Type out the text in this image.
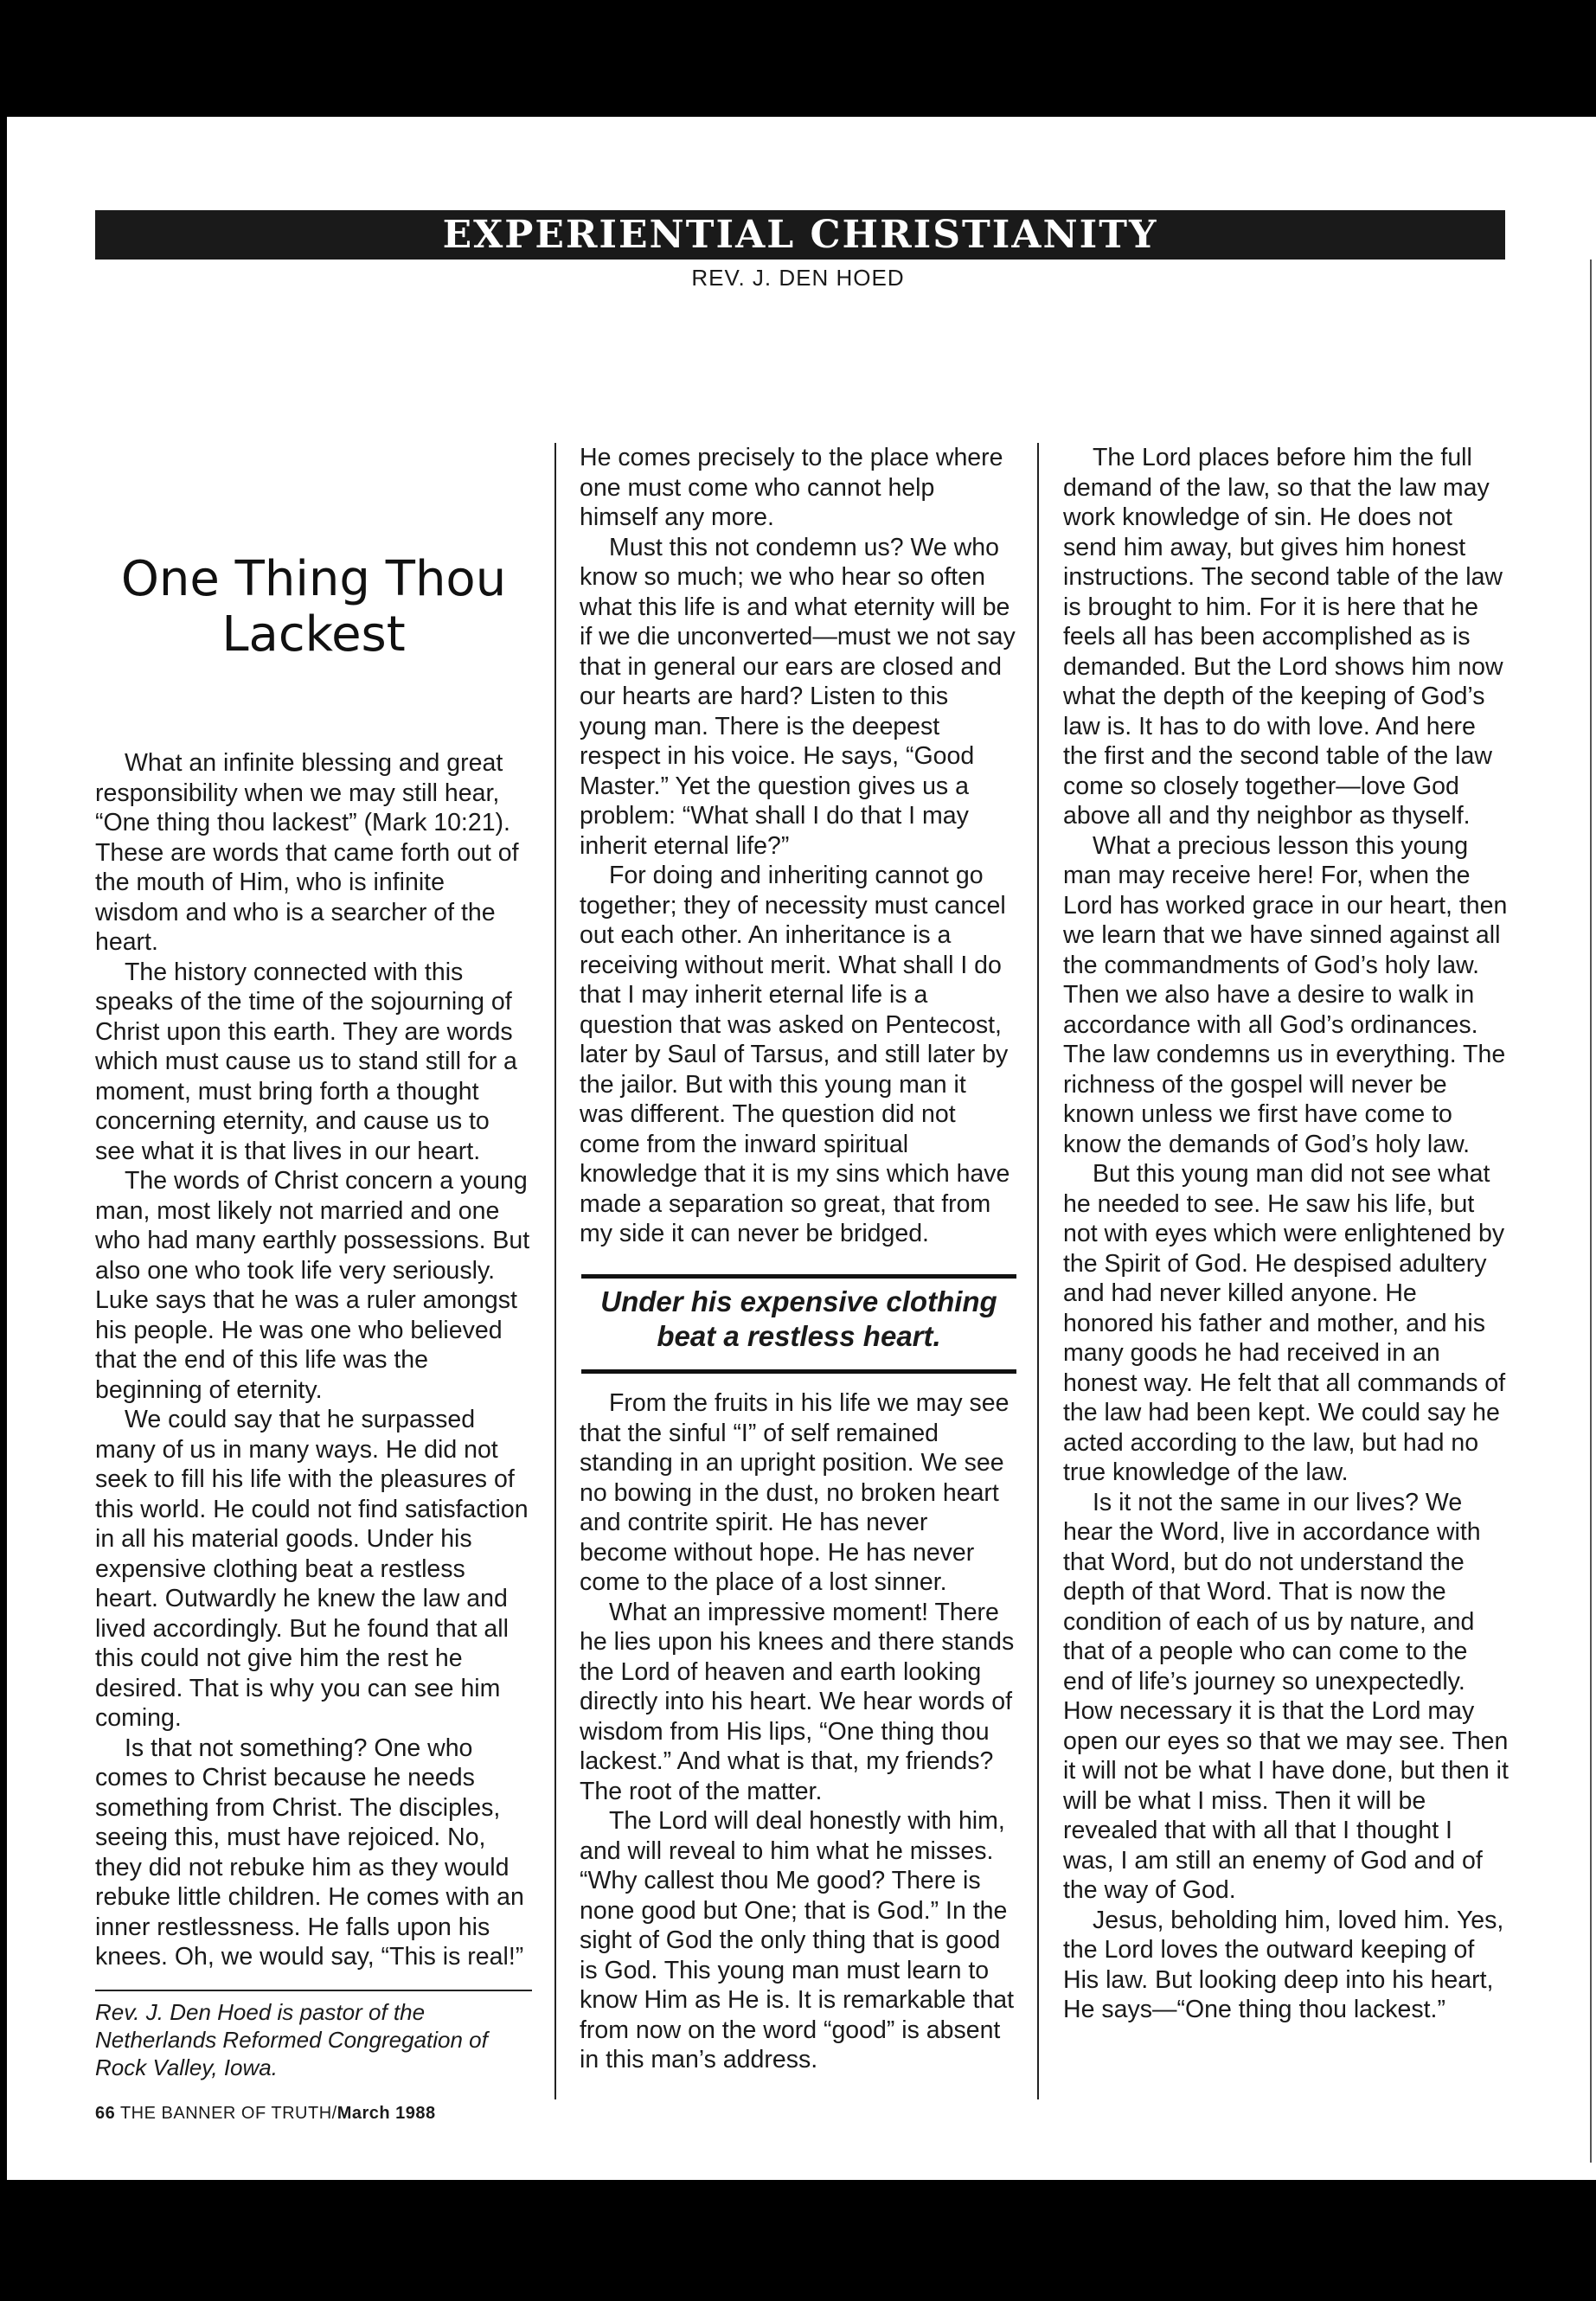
EXPERIENTIAL CHRISTIANITY
REV. J. DEN HOED
One Thing Thou Lackest

What an infinite blessing and great responsibility when we may still hear, “One thing thou lackest” (Mark 10:21). These are words that came forth out of the mouth of Him, who is infinite wisdom and who is a searcher of the heart.

The history connected with this speaks of the time of the sojourning of Christ upon this earth. They are words which must cause us to stand still for a moment, must bring forth a thought concerning eternity, and cause us to see what it is that lives in our heart.

The words of Christ concern a young man, most likely not married and one who had many earthly possessions. But also one who took life very seriously. Luke says that he was a ruler amongst his people. He was one who believed that the end of this life was the beginning of eternity.

We could say that he surpassed many of us in many ways. He did not seek to fill his life with the pleasures of this world. He could not find satisfaction in all his material goods. Under his expensive clothing beat a restless heart. Outwardly he knew the law and lived accordingly. But he found that all this could not give him the rest he desired. That is why you can see him coming.

Is that not something? One who comes to Christ because he needs something from Christ. The disciples, seeing this, must have rejoiced. No, they did not rebuke him as they would rebuke little children. He comes with an inner restlessness. He falls upon his knees. Oh, we would say, “This is real!”

Rev. J. Den Hoed is pastor of the Netherlands Reformed Congregation of Rock Valley, Iowa.

He comes precisely to the place where one must come who cannot help himself any more.

Must this not condemn us? We who know so much; we who hear so often what this life is and what eternity will be if we die unconverted—must we not say that in general our ears are closed and our hearts are hard? Listen to this young man. There is the deepest respect in his voice. He says, “Good Master.” Yet the question gives us a problem: “What shall I do that I may inherit eternal life?”

For doing and inheriting cannot go together; they of necessity must cancel out each other. An inheritance is a receiving without merit. What shall I do that I may inherit eternal life is a question that was asked on Pentecost, later by Saul of Tarsus, and still later by the jailor. But with this young man it was different. The question did not come from the inward spiritual knowledge that it is my sins which have made a separation so great, that from my side it can never be bridged.

Under his expensive clothing beat a restless heart.

From the fruits in his life we may see that the sinful “I” of self remained standing in an upright position. We see no bowing in the dust, no broken heart and contrite spirit. He has never become without hope. He has never come to the place of a lost sinner.

What an impressive moment! There he lies upon his knees and there stands the Lord of heaven and earth looking directly into his heart. We hear words of wisdom from His lips, “One thing thou lackest.” And what is that, my friends? The root of the matter.

The Lord will deal honestly with him, and will reveal to him what he misses. “Why callest thou Me good? There is none good but One; that is God.” In the sight of God the only thing that is good is God. This young man must learn to know Him as He is. It is remarkable that from now on the word “good” is absent in this man’s address.

The Lord places before him the full demand of the law, so that the law may work knowledge of sin. He does not send him away, but gives him honest instructions. The second table of the law is brought to him. For it is here that he feels all has been accomplished as is demanded. But the Lord shows him now what the depth of the keeping of God’s law is. It has to do with love. And here the first and the second table of the law come so closely together—love God above all and thy neighbor as thyself.

What a precious lesson this young man may receive here! For, when the Lord has worked grace in our heart, then we learn that we have sinned against all the commandments of God’s holy law. Then we also have a desire to walk in accordance with all God’s ordinances. The law condemns us in everything. The richness of the gospel will never be known unless we first have come to know the demands of God’s holy law.

But this young man did not see what he needed to see. He saw his life, but not with eyes which were enlightened by the Spirit of God. He despised adultery and had never killed anyone. He honored his father and mother, and his many goods he had received in an honest way. He felt that all commands of the law had been kept. We could say he acted according to the law, but had no true knowledge of the law.

Is it not the same in our lives? We hear the Word, live in accordance with that Word, but do not understand the depth of that Word. That is now the condition of each of us by nature, and that of a people who can come to the end of life’s journey so unexpectedly. How necessary it is that the Lord may open our eyes so that we may see. Then it will not be what I have done, but then it will be what I miss. Then it will be revealed that with all that I thought I was, I am still an enemy of God and of the way of God.

Jesus, beholding him, loved him. Yes, the Lord loves the outward keeping of His law. But looking deep into his heart, He says—“One thing thou lackest.”

66 THE BANNER OF TRUTH/March 1988
